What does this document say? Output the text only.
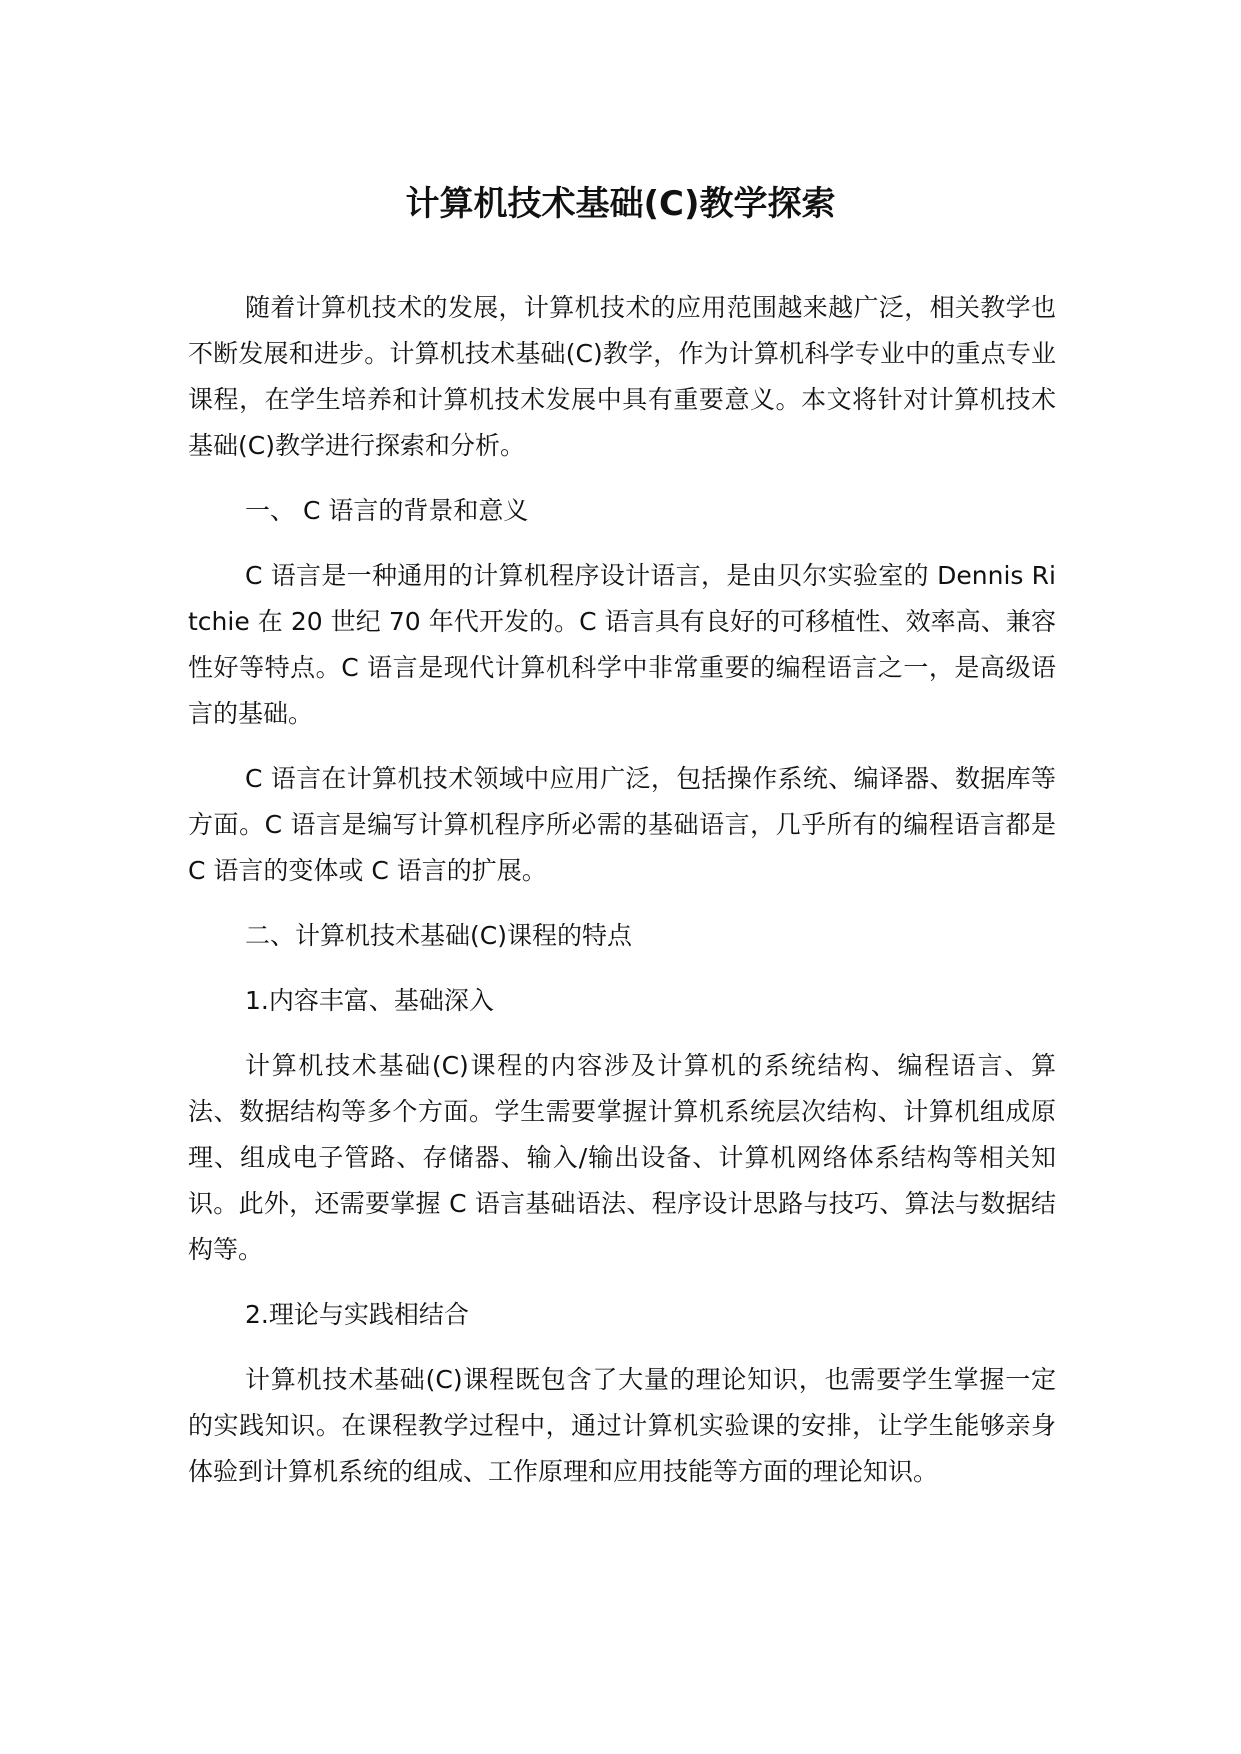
计算机技术基础(C)教学探索

随着计算机技术的发展，计算机技术的应用范围越来越广泛，相关教学也不断发展和进步。计算机技术基础(C)教学，作为计算机科学专业中的重点专业课程，在学生培养和计算机技术发展中具有重要意义。本文将针对计算机技术基础(C)教学进行探索和分析。

一、 C 语言的背景和意义

C 语言是一种通用的计算机程序设计语言，是由贝尔实验室的 Dennis Ritchie 在 20 世纪 70 年代开发的。C 语言具有良好的可移植性、效率高、兼容性好等特点。C 语言是现代计算机科学中非常重要的编程语言之一，是高级语言的基础。

C 语言在计算机技术领域中应用广泛，包括操作系统、编译器、数据库等方面。C 语言是编写计算机程序所必需的基础语言，几乎所有的编程语言都是 C 语言的变体或 C 语言的扩展。

二、计算机技术基础(C)课程的特点

1.内容丰富、基础深入

计算机技术基础(C)课程的内容涉及计算机的系统结构、编程语言、算法、数据结构等多个方面。学生需要掌握计算机系统层次结构、计算机组成原理、组成电子管路、存储器、输入/输出设备、计算机网络体系结构等相关知识。此外，还需要掌握 C 语言基础语法、程序设计思路与技巧、算法与数据结构等。

2.理论与实践相结合

计算机技术基础(C)课程既包含了大量的理论知识，也需要学生掌握一定的实践知识。在课程教学过程中，通过计算机实验课的安排，让学生能够亲身体验到计算机系统的组成、工作原理和应用技能等方面的理论知识。
